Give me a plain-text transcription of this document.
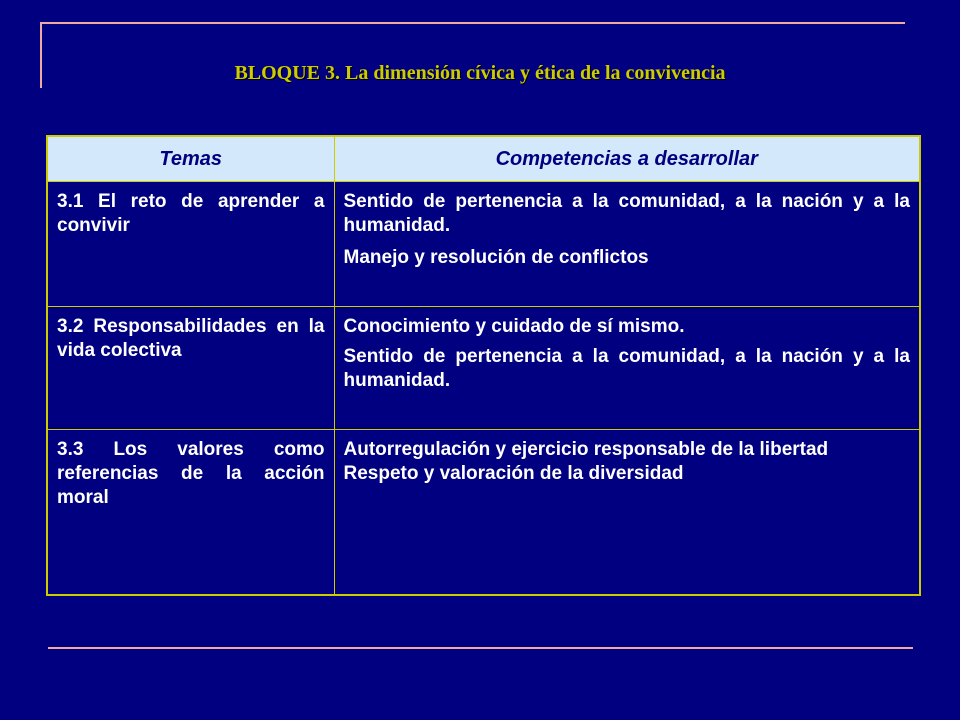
BLOQUE 3. La dimensión cívica y ética de la convivencia
Temas	Competencias a desarrollar

3.1 El reto de aprender a convivir	Sentido de pertenencia a la comunidad, a la nación y a la humanidad.
Manejo y resolución de conflictos

3.2 Responsabilidades en la vida colectiva	Conocimiento y cuidado de sí mismo.
Sentido de pertenencia a la comunidad, a la nación y a la humanidad.

3.3 Los valores como referencias de la acción moral	Autorregulación y ejercicio responsable de la libertad
Respeto y valoración de la diversidad
